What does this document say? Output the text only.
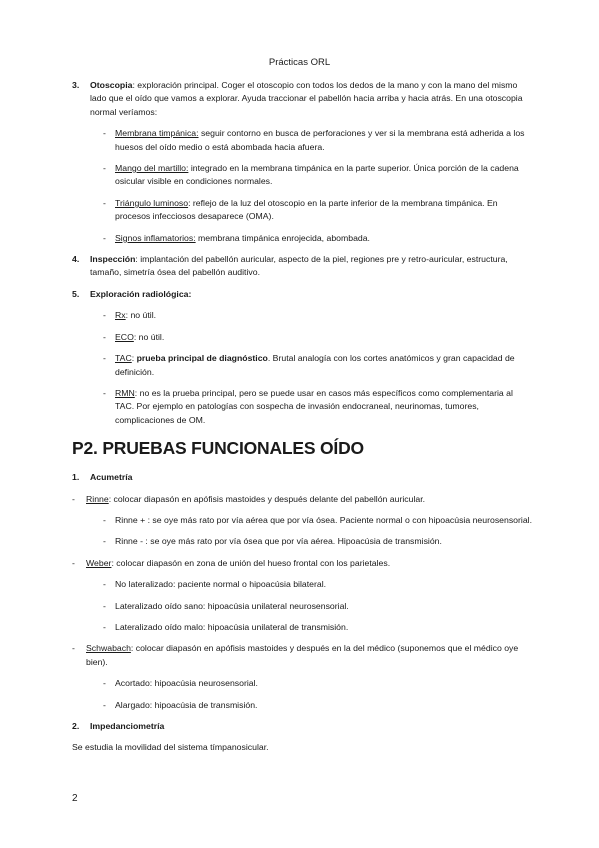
Prácticas ORL
3. Otoscopia: exploración principal. Coger el otoscopio con todos los dedos de la mano y con la mano del mismo lado que el oído que vamos a explorar. Ayuda traccionar el pabellón hacia arriba y hacia atrás. En una otoscopia normal veríamos:

- Membrana timpánica: seguir contorno en busca de perforaciones y ver si la membrana está adherida a los huesos del oído medio o está abombada hacia afuera.

- Mango del martillo: integrado en la membrana timpánica en la parte superior. Única porción de la cadena osicular visible en condiciones normales.

- Triángulo luminoso: reflejo de la luz del otoscopio en la parte inferior de la membrana timpánica. En procesos infecciosos desaparece (OMA).

- Signos inflamatorios: membrana timpánica enrojecida, abombada.

4. Inspección: implantación del pabellón auricular, aspecto de la piel, regiones pre y retro-auricular, estructura, tamaño, simetría ósea del pabellón auditivo.

5. Exploración radiológica:

- Rx: no útil.

- ECO: no útil.

- TAC: prueba principal de diagnóstico. Brutal analogía con los cortes anatómicos y gran capacidad de definición.

- RMN: no es la prueba principal, pero se puede usar en casos más específicos como complementaria al TAC. Por ejemplo en patologías con sospecha de invasión endocraneal, neurinomas, tumores, complicaciones de OM.

P2. PRUEBAS FUNCIONALES OÍDO
1. Acumetría

- Rinne: colocar diapasón en apófisis mastoides y después delante del pabellón auricular.

- Rinne + : se oye más rato por vía aérea que por vía ósea. Paciente normal o con hipoacúsia neurosensorial.

- Rinne - : se oye más rato por vía ósea que por vía aérea. Hipoacúsia de transmisión.

- Weber: colocar diapasón en zona de unión del hueso frontal con los parietales.

- No lateralizado: paciente normal o hipoacúsia bilateral.

- Lateralizado oído sano: hipoacúsia unilateral neurosensorial.

- Lateralizado oído malo: hipoacúsia unilateral de transmisión.

- Schwabach: colocar diapasón en apófisis mastoides y después en la del médico (suponemos que el médico oye bien).

- Acortado: hipoacúsia neurosensorial.

- Alargado: hipoacúsia de transmisión.

2. Impedanciometría

Se estudia la movilidad del sistema tímpanosicular.

2
